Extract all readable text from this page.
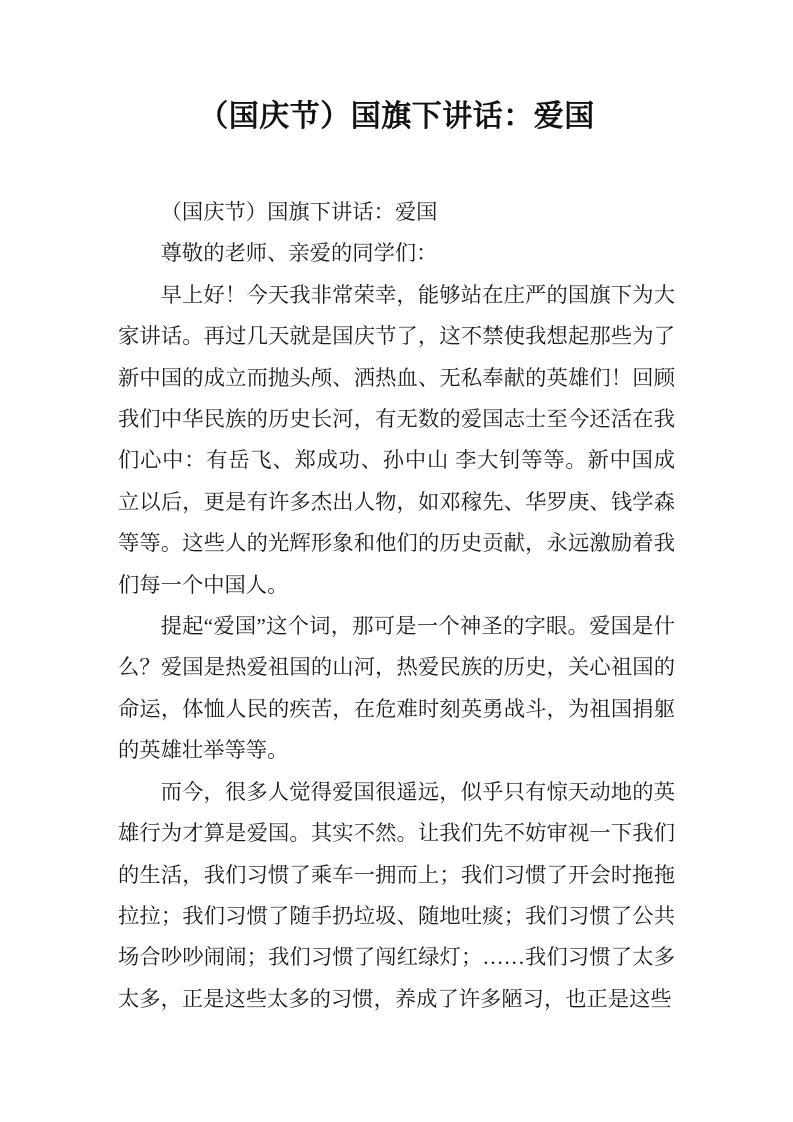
（国庆节）国旗下讲话：爱国

（国庆节）国旗下讲话：爱国

尊敬的老师、亲爱的同学们：

早上好！今天我非常荣幸，能够站在庄严的国旗下为大家讲话。再过几天就是国庆节了，这不禁使我想起那些为了新中国的成立而抛头颅、洒热血、无私奉献的英雄们！回顾我们中华民族的历史长河，有无数的爱国志士至今还活在我们心中：有岳飞、郑成功、孙中山 李大钊等等。新中国成立以后，更是有许多杰出人物，如邓稼先、华罗庚、钱学森等等。这些人的光辉形象和他们的历史贡献，永远激励着我们每一个中国人。

提起“爱国”这个词，那可是一个神圣的字眼。爱国是什么？爱国是热爱祖国的山河，热爱民族的历史，关心祖国的命运，体恤人民的疾苦，在危难时刻英勇战斗，为祖国捐躯的英雄壮举等等。

而今，很多人觉得爱国很遥远，似乎只有惊天动地的英雄行为才算是爱国。其实不然。让我们先不妨审视一下我们的生活，我们习惯了乘车一拥而上；我们习惯了开会时拖拖拉拉；我们习惯了随手扔垃圾、随地吐痰；我们习惯了公共场合吵吵闹闹；我们习惯了闯红绿灯；……我们习惯了太多太多，正是这些太多的习惯，养成了许多陋习，也正是这些
